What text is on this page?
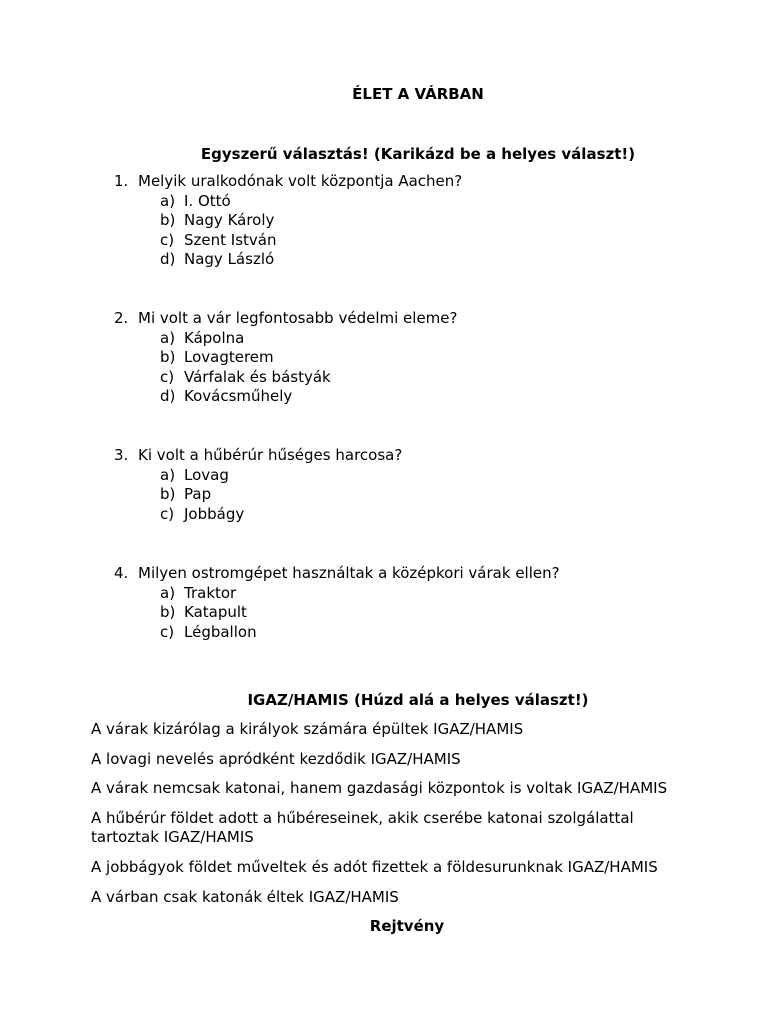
ÉLET A VÁRBAN
Egyszerű választás! (Karikázd be a helyes választ!)
1. Melyik uralkodónak volt központja Aachen?
a) I. Ottó
b) Nagy Károly
c) Szent István
d) Nagy László
2. Mi volt a vár legfontosabb védelmi eleme?
a) Kápolna
b) Lovagterem
c) Várfalak és bástyák
d) Kovácsműhely
3. Ki volt a hűbérúr hűséges harcosa?
a) Lovag
b) Pap
c) Jobbágy
4. Milyen ostromgépet használtak a középkori várak ellen?
a) Traktor
b) Katapult
c) Légballon
IGAZ/HAMIS (Húzd alá a helyes választ!)

A várak kizárólag a királyok számára épültek IGAZ/HAMIS

A lovagi nevelés apródként kezdődik IGAZ/HAMIS

A várak nemcsak katonai, hanem gazdasági központok is voltak IGAZ/HAMIS

A hűbérúr földet adott a hűbéreseinek, akik cserébe katonai szolgálattal tartoztak IGAZ/HAMIS

A jobbágyok földet műveltek és adót fizettek a földesurunknak IGAZ/HAMIS

A várban csak katonák éltek IGAZ/HAMIS

Rejtvény
